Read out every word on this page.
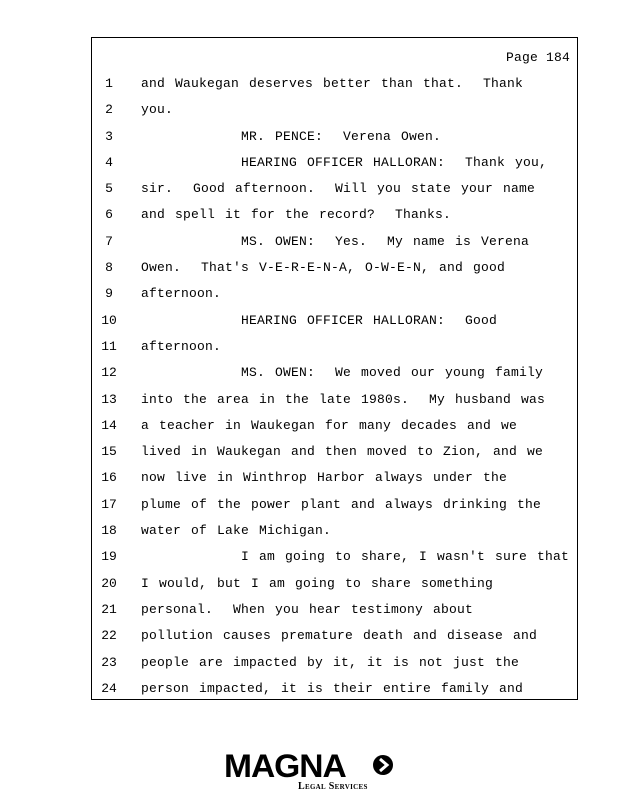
Page 184
1	and Waukegan deserves better than that.  Thank
2	you.
3	MR. PENCE:  Verena Owen.
4	HEARING OFFICER HALLORAN:  Thank you,
5	sir.  Good afternoon.  Will you state your name
6	and spell it for the record?  Thanks.
7	MS. OWEN:  Yes.  My name is Verena
8	Owen.  That's V-E-R-E-N-A, O-W-E-N, and good
9	afternoon.
10 HEARING OFFICER HALLORAN:  Good
11 afternoon.
12 MS. OWEN:  We moved our young family
13 into the area in the late 1980s.  My husband was
14 a teacher in Waukegan for many decades and we
15 lived in Waukegan and then moved to Zion, and we
16 now live in Winthrop Harbor always under the
17 plume of the power plant and always drinking the
18 water of Lake Michigan.
19 I am going to share, I wasn't sure that
20 I would, but I am going to share something
21 personal.  When you hear testimony about
22 pollution causes premature death and disease and
23 people are impacted by it, it is not just the
24 person impacted, it is their entire family and
MAGNA
Legal Services
